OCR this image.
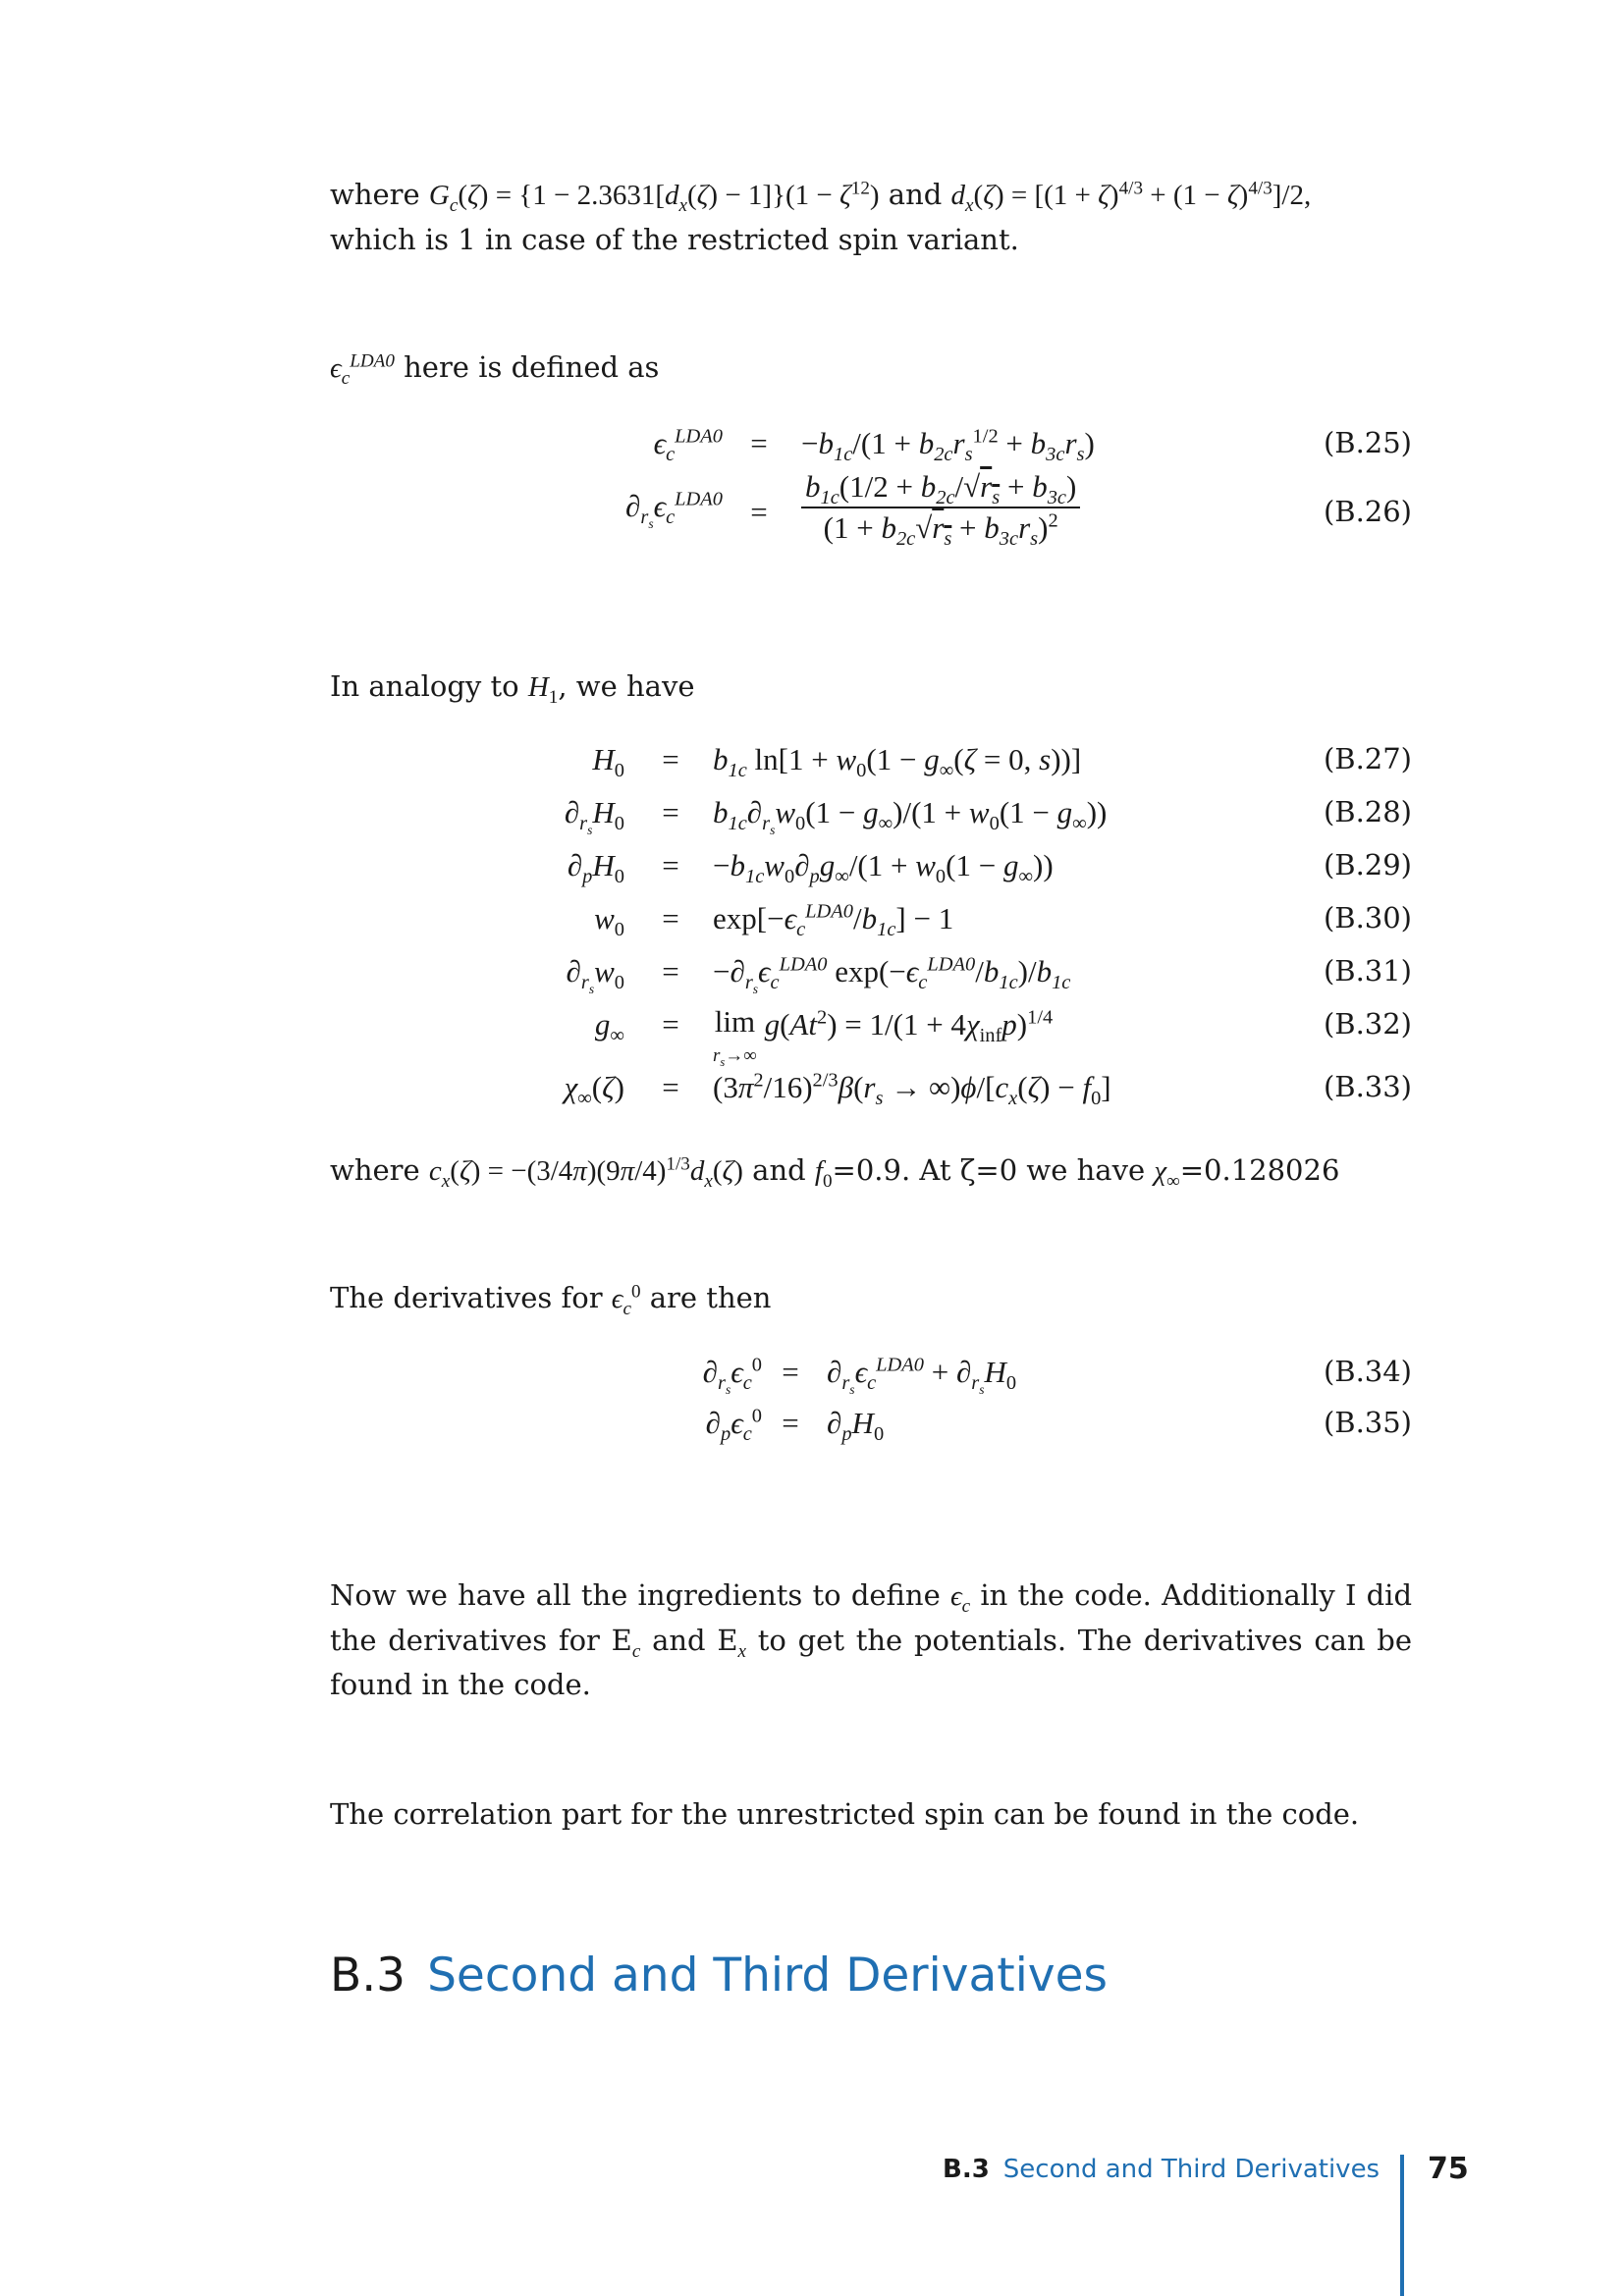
where $G_c(\zeta) = \{1 - 2.3631[d_x(\zeta) - 1]\}(1 - \zeta^{12})$ and $d_x(\zeta) = [(1 + \zeta)^{4/3} + (1 - \zeta)^{4/3}]/2$,
which is 1 in case of the restricted spin variant.
$\epsilon_c^{LDA0}$ here is defined as
$\epsilon_c^{LDA0} = -b_{1c}/(1 + b_{2c}r_s^{1/2} + b_{3c}r_s)$	(B.25)
$\partial_{r_s}\epsilon_c^{LDA0} = \frac{b_{1c}(1/2 + b_{2c}/√r_s + b_{3c})}{(1 + b_{2c}√r_s + b_{3c}r_s)^2}$	(B.26)
In analogy to $H_1$, we have
$H_0 = b_{1c}$ $\ln[1 + w_0(1 - g_\infty(\zeta = 0$, s))]	(B.27)
$\partial_{r_s}H_0 = b_{1c}\partial_{r_s}w_0(1 - g_\infty)/(1 + w_0(1 - g_\infty))$	(B.28)
$\partial_pH_0 = -b_{1c}w_0\partial_pg_\infty/(1 + w_0(1 - g_\infty))$	(B.29)
$w_0 = \exp[-\epsilon_c^{LDA0}/b_{1c}] - 1$	(B.30)
$\partial_{r_s}w_0 = -\partial_{r_s}\epsilon_c^{LDA0}$ $\exp(-\epsilon_c^{LDA0}/b_{1c})/b_{1c}$	(B.31)
$g_\infty = \lim$
$r_s\to\infty$ $g(At^2) = 1/(1 + 4\chi_{inf}p)^{1/4}$	(B.32)
$\chi_\infty(\zeta) = (3\pi^2/16)^{2/3}\beta(r_s \to \infty)\phi/[c_x(\zeta) - f_0]$	(B.33)
where $c_x(\zeta) = -(3/4\pi)(9\pi/4)^{1/3}d_x(\zeta)$ and $f_0=0.9$. At ζ=0 we have $\chi_\infty=0.128026$
The derivatives for $\epsilon_c^0$ are then
$\partial_{r_s}\epsilon_c^0 = \partial_{r_s}\epsilon_c^{LDA0} + \partial_{r_s}H_0$	(B.34)
$\partial_p\epsilon_c^0 = \partial_pH_0$	(B.35)
Now we have all the ingredients to define $\epsilon_c$ in the code. Additionally I did the derivatives for $E_c$ and $E_x$ to get the potentials. The derivatives can be found in the code.
The correlation part for the unrestricted spin can be found in the code.
B.3 Second and Third Derivatives
B.3 Second and Third Derivatives 75
